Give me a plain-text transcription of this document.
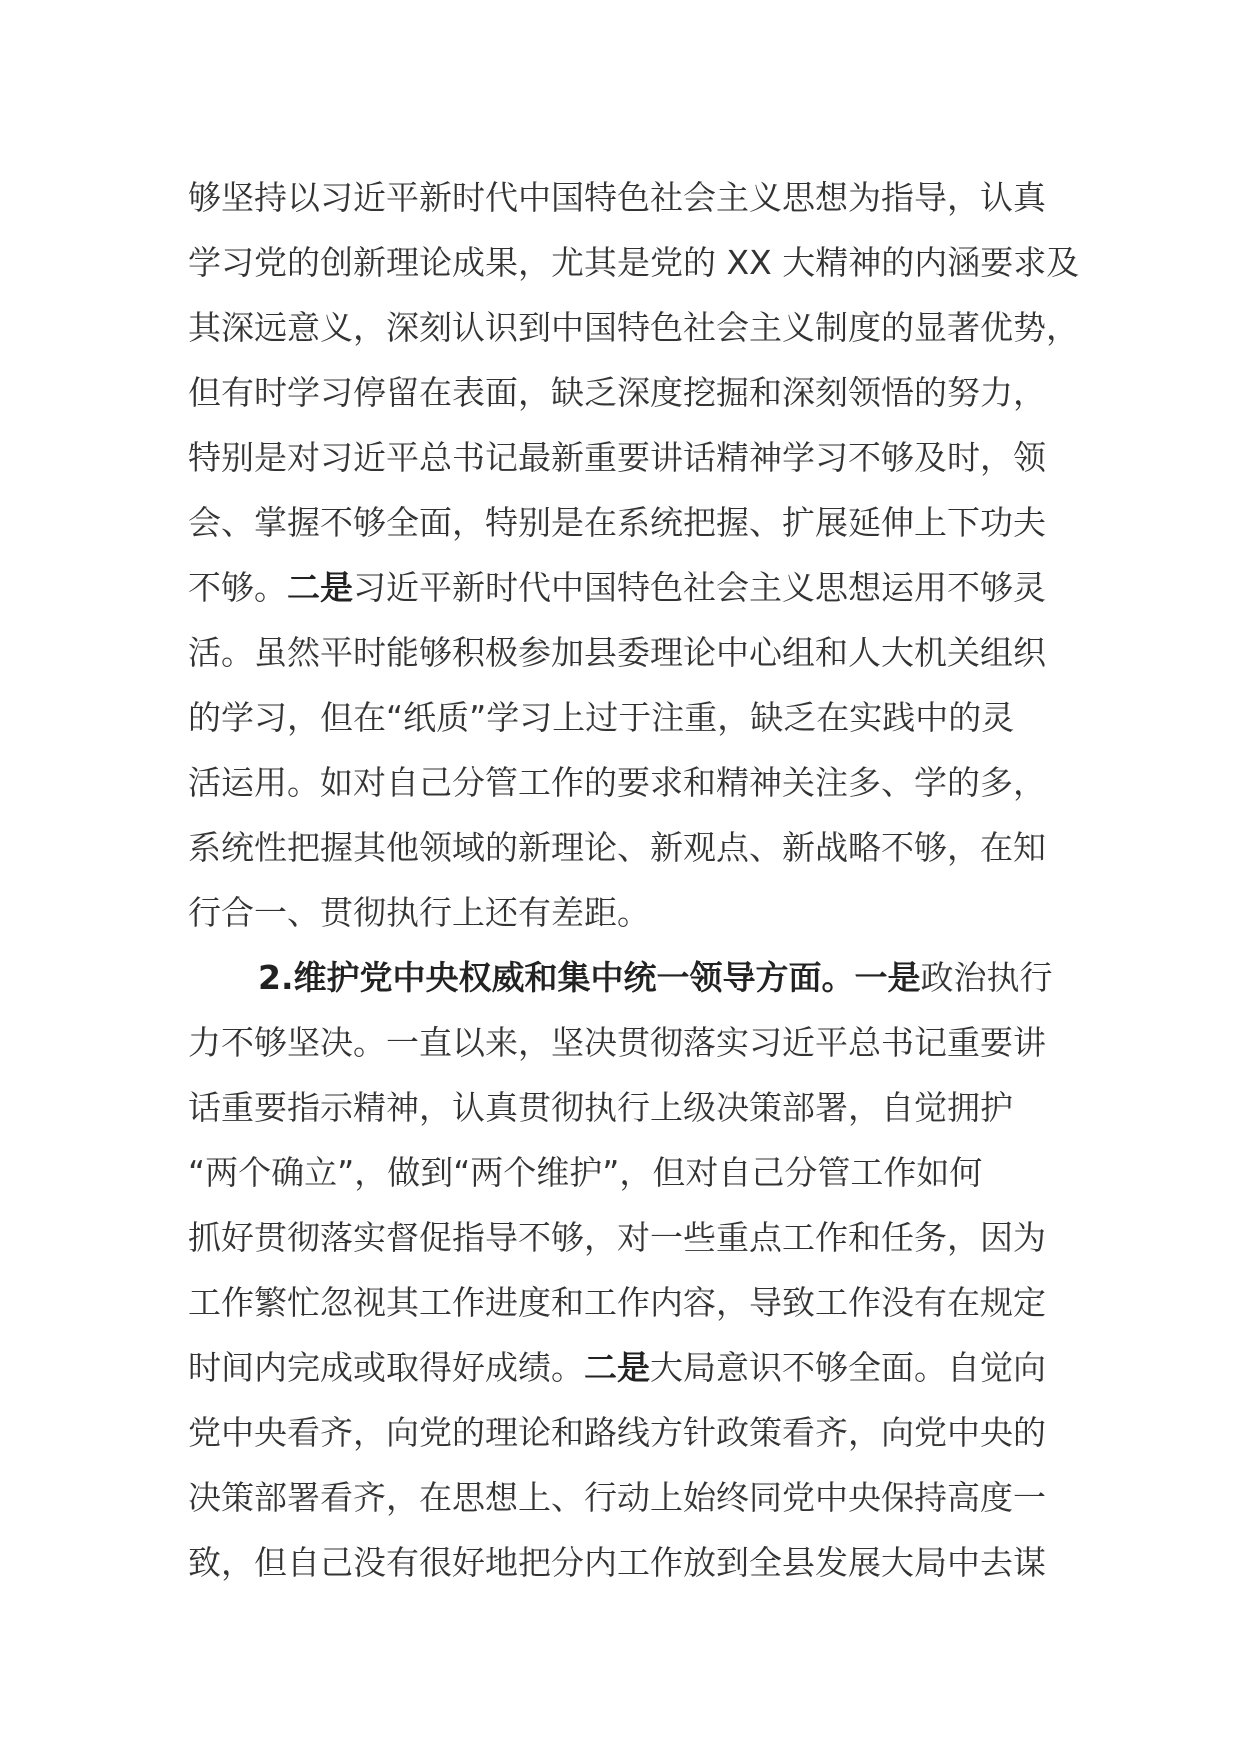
够坚持以习近平新时代中国特色社会主义思想为指导，认真
学习党的创新理论成果，尤其是党的 XX 大精神的内涵要求及
其深远意义，深刻认识到中国特色社会主义制度的显著优势，
但有时学习停留在表面，缺乏深度挖掘和深刻领悟的努力，
特别是对习近平总书记最新重要讲话精神学习不够及时，领
会、掌握不够全面，特别是在系统把握、扩展延伸上下功夫
不够。二是习近平新时代中国特色社会主义思想运用不够灵
活。虽然平时能够积极参加县委理论中心组和人大机关组织
的学习，但在“纸质”学习上过于注重，缺乏在实践中的灵
活运用。如对自己分管工作的要求和精神关注多、学的多，
系统性把握其他领域的新理论、新观点、新战略不够，在知
行合一、贯彻执行上还有差距。
2.维护党中央权威和集中统一领导方面。一是政治执行
力不够坚决。一直以来，坚决贯彻落实习近平总书记重要讲
话重要指示精神，认真贯彻执行上级决策部署，自觉拥护
“两个确立”，做到“两个维护”，但对自己分管工作如何
抓好贯彻落实督促指导不够，对一些重点工作和任务，因为
工作繁忙忽视其工作进度和工作内容，导致工作没有在规定
时间内完成或取得好成绩。二是大局意识不够全面。自觉向
党中央看齐，向党的理论和路线方针政策看齐，向党中央的
决策部署看齐，在思想上、行动上始终同党中央保持高度一
致，但自己没有很好地把分内工作放到全县发展大局中去谋
